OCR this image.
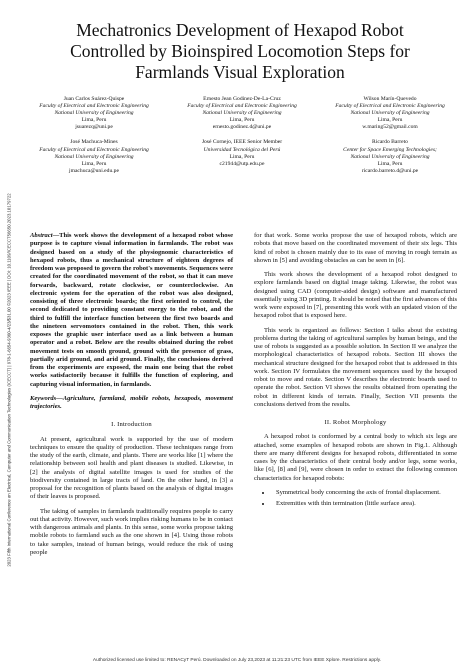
2023 Fifth International Conference on Electrical, Computer and Communication Technologies (ICECCT) | 978-1-6654-9360-4/23/$31.00 ©2023 IEEE | DOI: 10.1109/ICECCT56650.2023.10179722
Mechatronics Development of Hexapod Robot Controlled by Bioinspired Locomotion Steps for Farmlands Visual Exploration
Juan Carlos Suárez-Quispe
Faculty of Electrical and Electronic Engineering
National University of Engineering
Lima, Peru
jsuarezq@uni.pe
Ernesto Jean Godinez-De-La-Cruz
Faculty of Electrical and Electronic Engineering
National University of Engineering
Lima, Peru
ernesto.godinez.d@uni.pe
Wilson Marín-Quevedo
Faculty of Electrical and Electronic Engineering
National University of Engineering
Lima, Peru
w.maring52@gmail.com
José Machuca-Mines
Faculty of Electrical and Electronic Engineering
National University of Engineering
Lima, Peru
jmachuca@uni.edu.pe
José Cornejo, IEEE Senior Member
Universidad Tecnológica del Perú
Lima, Peru
c21944@utp.edu.pe
Ricardo Barreto
Center for Space Emerging Technologies;
National University of Engineering
Lima, Peru
ricardo.barreto.d@uni.pe
Abstract—This work shows the development of a hexapod robot whose purpose is to capture visual information in farmlands. The robot was designed based on a study of the physiognomic characteristics of hexapod robots, thus a mechanical structure of eighteen degrees of freedom was proposed to govern the robot's movements. Sequences were created for the coordinated movement of the robot, so that it can move forwards, backward, rotate clockwise, or counterclockwise. An electronic system for the operation of the robot was also designed, consisting of three electronic boards; the first oriented to control, the second dedicated to providing constant energy to the robot, and the third to fulfill the interface function between the first two boards and the nineteen servomotors contained in the robot. Then, this work exposes the graphic user interface used as a link between a human operator and a robot. Below are the results obtained during the robot movement tests on smooth ground, ground with the presence of grass, partially arid ground, and arid ground. Finally, the conclusions derived from the experiments are exposed, the main one being that the robot works satisfactorily because it fulfills the function of exploring, and capturing visual information, in farmlands.
Keywords—Agriculture, farmland, mobile robots, hexapods, movement trajectories.
I. Introduction

At present, agricultural work is supported by the use of modern techniques to ensure the quality of production. These techniques range from the study of the earth, climate, and plants. There are works like [1] where the relationship between soil health and plant diseases is studied. Likewise, in [2] the analysis of digital satellite images is used for studies of the biodiversity contained in large tracts of land. On the other hand, in [3] a proposal for the recognition of plants based on the analysis of digital images of their leaves is proposed.

The taking of samples in farmlands traditionally requires people to carry out that activity. However, such work implies risking humans to be in contact with dangerous animals and plants. In this sense, some works propose taking mobile robots to farmland such as the one shown in [4]. Using those robots to take samples, instead of human beings, would reduce the risk of using people

for that work. Some works propose the use of hexapod robots, which are robots that move based on the coordinated movement of their six legs. This kind of robot is chosen mainly due to its ease of moving in rough terrain as shown in [5] and avoiding obstacles as can be seen in [6].

This work shows the development of a hexapod robot designed to explore farmlands based on digital image taking. Likewise, the robot was designed using CAD (computer-aided design) software and manufactured essentially using 3D printing. It should be noted that the first advances of this work were exposed in [7], presenting this work with an updated vision of the hexapod robot that is exposed here.

This work is organized as follows: Section I talks about the existing problems during the taking of agricultural samples by human beings, and the use of robots is suggested as a possible solution. In Section II we analyze the morphological characteristics of hexapod robots. Section III shows the mechanical structure designed for the hexapod robot that is addressed in this work. Section IV formulates the movement sequences used by the hexapod robot to move and rotate. Section V describes the electronic boards used to operate the robot. Section VI shows the results obtained from operating the robot in different kinds of terrain. Finally, Section VII presents the conclusions derived from the results.

II. Robot Morphology

A hexapod robot is conformed by a central body to which six legs are attached, some examples of hexapod robots are shown in Fig.1. Although there are many different designs for hexapod robots, differentiated in some cases by the characteristics of their central body and/or legs, some works, like [6], [8] and [9], were chosen in order to extract the following common characteristics for hexapod robots:

• Symmetrical body concerning the axis of frontal displacement.
• Extremities with thin termination (little surface area).
Authorized licensed use limited to: RENACyT Perú. Downloaded on July 23,2023 at 11:21:23 UTC from IEEE Xplore. Restrictions apply.
